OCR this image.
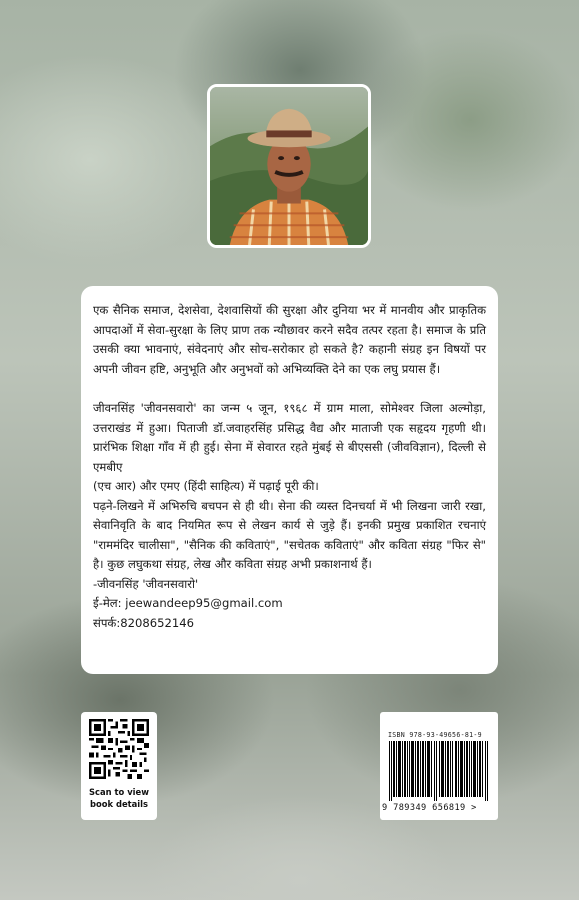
एक सैनिक समाज, देशसेवा, देशवासियों की सुरक्षा और दुनिया भर में मानवीय और प्राकृतिक आपदाओं में सेवा-सुरक्षा के लिए प्राण तक न्यौछावर करने सदैव तत्पर रहता है। समाज के प्रति उसकी क्या भावनाएं, संवेदनाएं और सोच-सरोकार हो सकते है? कहानी संग्रह इन विषयों पर अपनी जीवन हष्टि, अनुभूति और अनुभवों को अभिव्यक्ति देने का एक लघु प्रयास हैं।

जीवनसिंह 'जीवनसवारो' का जन्म ५ जून, १९६८ में ग्राम माला, सोमेश्वर जिला अल्मोड़ा, उत्तराखंड में हुआ। पिताजी डॉ.जवाहरसिंह प्रसिद्ध वैद्य और माताजी एक सहृदय गृहणी थी। प्रारंभिक शिक्षा गाँव में ही हुई। सेना में सेवारत रहते मुंबई से बीएससी (जीवविज्ञान), दिल्ली से एमबीए

(एच आर) और एमए (हिंदी साहित्य) में पढ़ाई पूरी की।

पढ़ने-लिखने में अभिरुचि बचपन से ही थी। सेना की व्यस्त दिनचर्या में भी लिखना जारी रखा, सेवानिवृति के बाद नियमित रूप से लेखन कार्य से जुड़े हैं। इनकी प्रमुख प्रकाशित रचनाएं "राममंदिर चालीसा", "सैनिक की कविताएं", "सचेतक कविताएं" और कविता संग्रह "फिर से" है। कुछ लघुकथा संग्रह, लेख और कविता संग्रह अभी प्रकाशनार्थ हैं।

-जीवनसिंह 'जीवनसवारो'

ई-मेल: jeewandeep95@gmail.com

संपर्क:8208652146

Scan to view
book details
ISBN 978-93-49656-81-9
9 789349 656819 >
